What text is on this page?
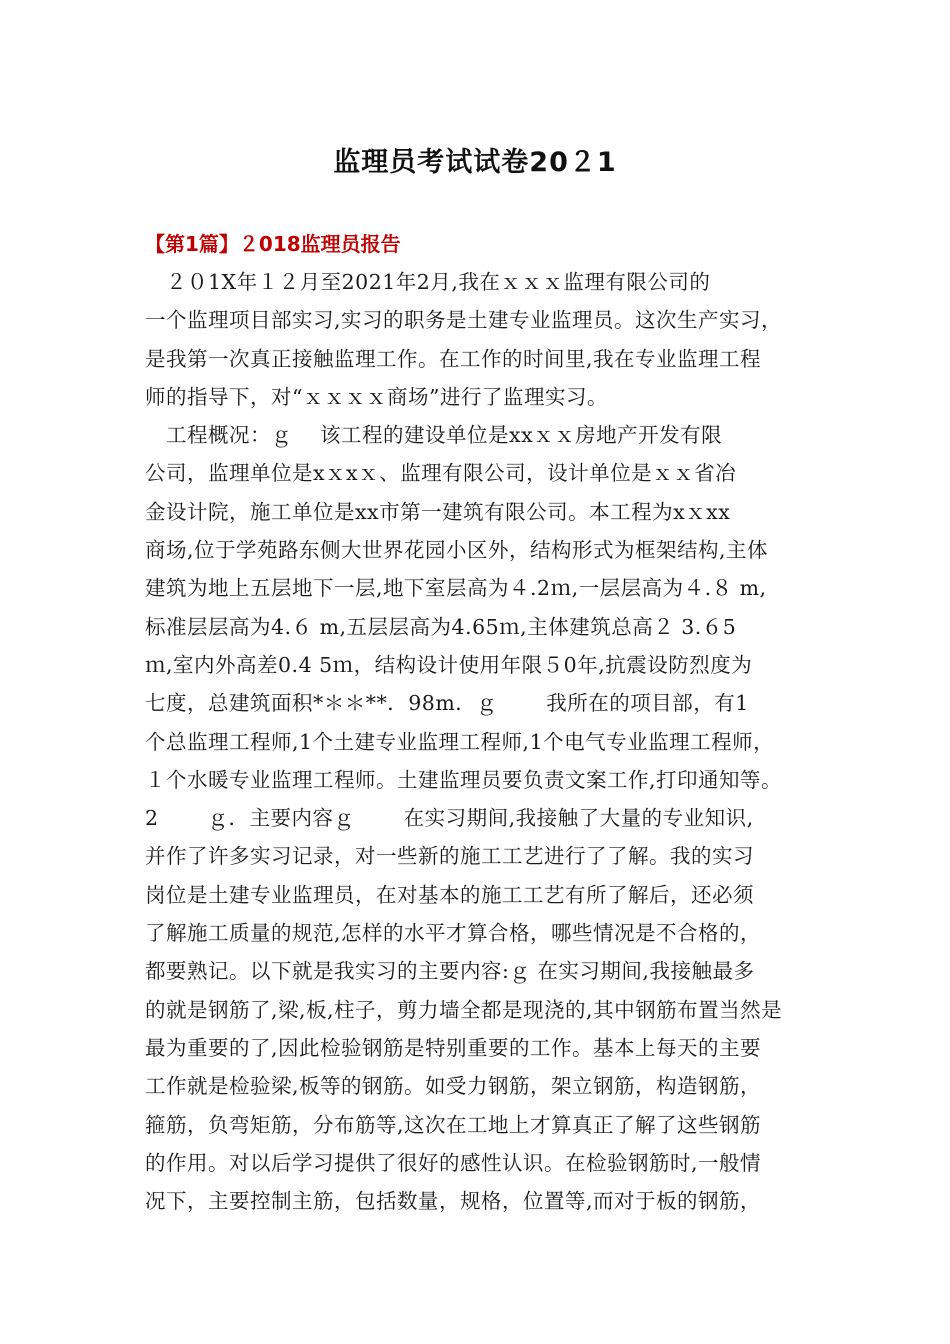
监理员考试试卷20２1
【第1篇】２018监理员报告
　２０1X年１２月至2021年2月,我在ｘｘｘ监理有限公司的
一个监理项目部实习,实习的职务是土建专业监理员。这次生产实习，
是我第一次真正接触监理工作。在工作的时间里,我在专业监理工程
师的指导下，对“ｘｘｘｘ商场”进行了监理实习。
　工程概况：ｇ　 该工程的建设单位是xxｘｘ房地产开发有限
公司，监理单位是xｘxｘ、监理有限公司，设计单位是ｘｘ省冶
金设计院，施工单位是xx市第一建筑有限公司。本工程为xｘxx
商场,位于学苑路东侧大世界花园小区外，结构形式为框架结构,主体
建筑为地上五层地下一层,地下室层高为４.2ｍ,一层层高为４.８ m,
标准层层高为4.６ m,五层层高为4.65ｍ,主体建筑总高２ 3.６5
ｍ,室内外高差0.4 5ｍ，结构设计使用年限５0年,抗震设防烈度为
七度，总建筑面积*＊＊**．98m．ｇ　　 我所在的项目部，有1
个总监理工程师,1个土建专业监理工程师,1个电气专业监理工程师，
１个水暖专业监理工程师。土建监理员要负责文案工作,打印通知等。
2　　 ｇ．主要内容ｇ　　 在实习期间,我接触了大量的专业知识,
并作了许多实习记录，对一些新的施工工艺进行了了解。我的实习
岗位是土建专业监理员，在对基本的施工工艺有所了解后，还必须
了解施工质量的规范,怎样的水平才算合格，哪些情况是不合格的，
都要熟记。以下就是我实习的主要内容:ｇ 在实习期间,我接触最多
的就是钢筋了,梁,板,柱子，剪力墙全都是现浇的,其中钢筋布置当然是
最为重要的了,因此检验钢筋是特别重要的工作。基本上每天的主要
工作就是检验梁,板等的钢筋。如受力钢筋，架立钢筋，构造钢筋，
箍筋，负弯矩筋，分布筋等,这次在工地上才算真正了解了这些钢筋
的作用。对以后学习提供了很好的感性认识。在检验钢筋时,一般情
况下，主要控制主筋，包括数量，规格，位置等,而对于板的钢筋，
